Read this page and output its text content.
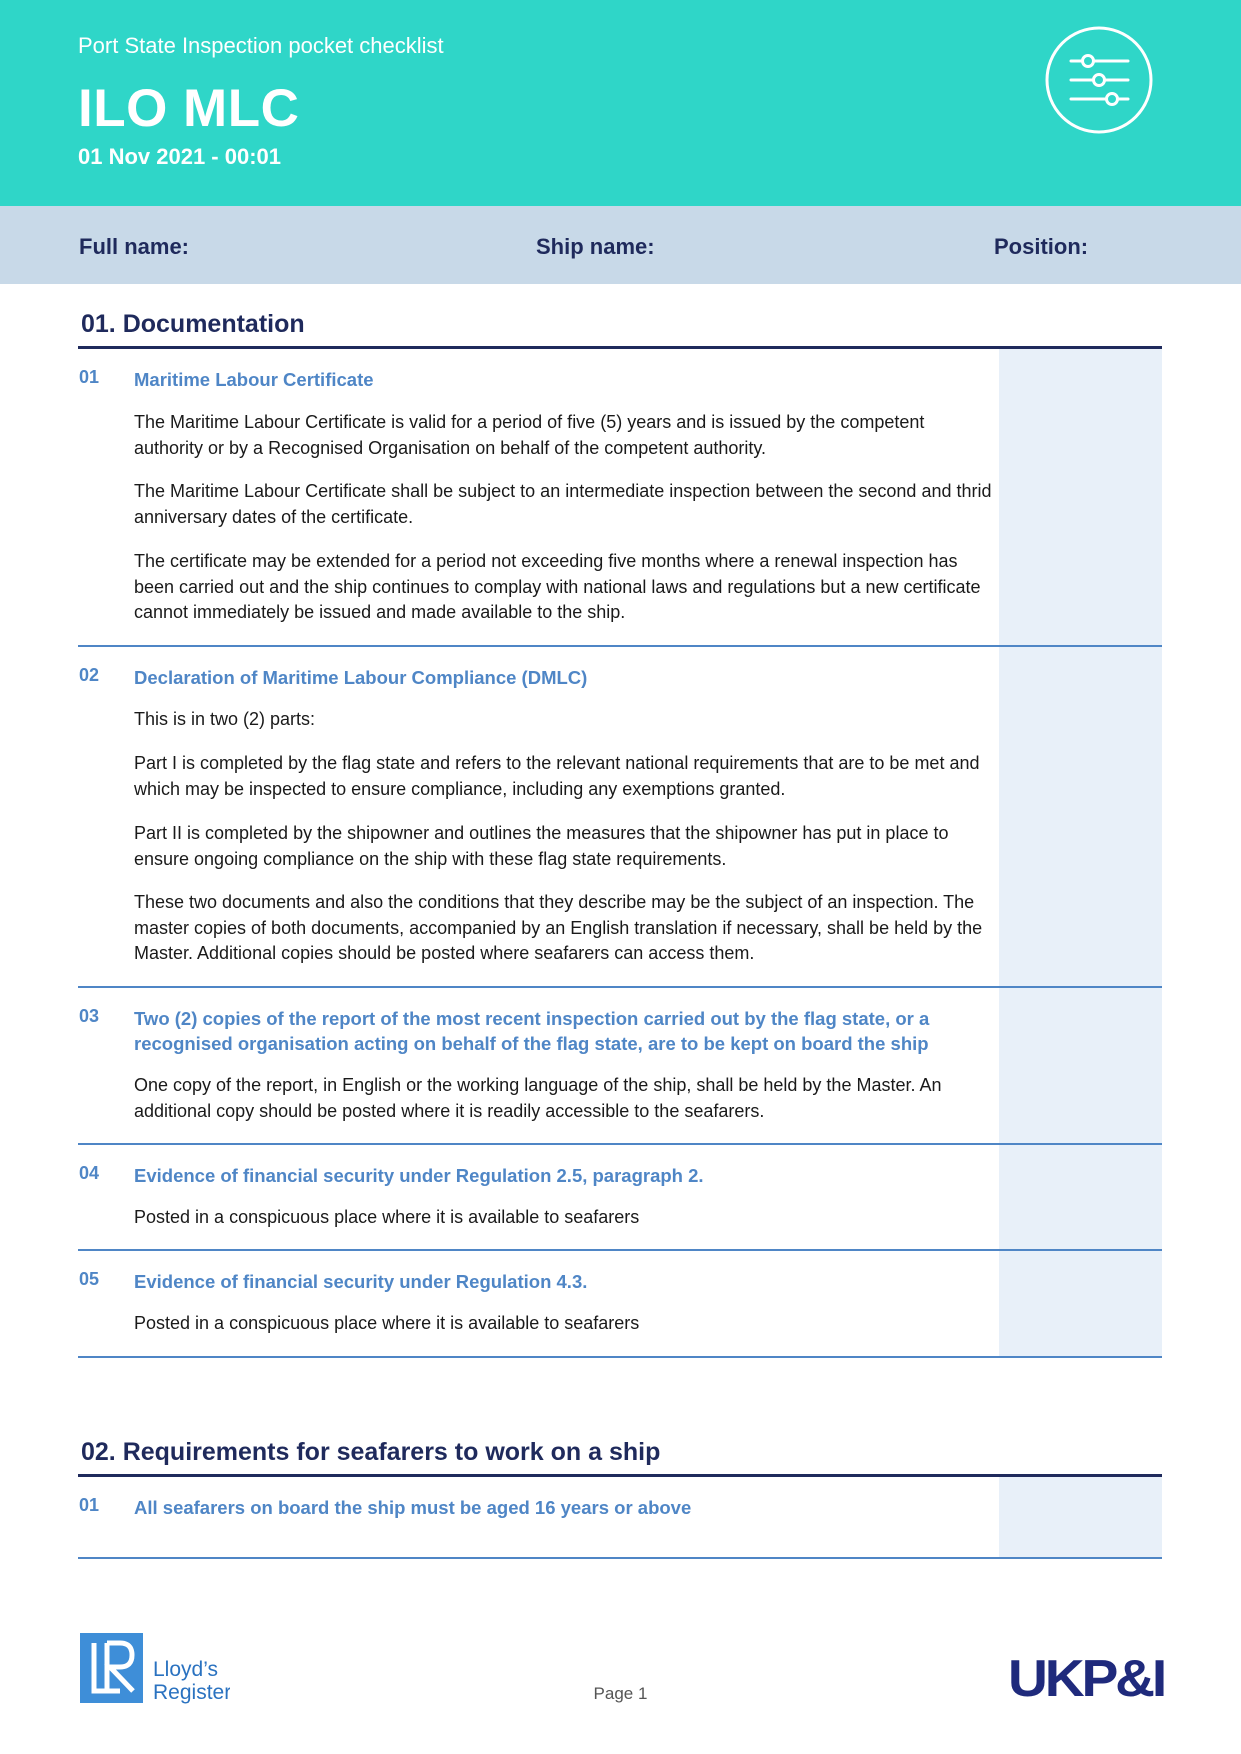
Port State Inspection pocket checklist
ILO MLC
01 Nov 2021 - 00:01
Full name:	Ship name:	Position:
01. Documentation
01 Maritime Labour Certificate
The Maritime Labour Certificate is valid for a period of five (5) years and is issued by the competent authority or by a Recognised Organisation on behalf of the competent authority.
The Maritime Labour Certificate shall be subject to an intermediate inspection between the second and thrid anniversary dates of the certificate.
The certificate may be extended for a period not exceeding five months where a renewal inspection has been carried out and the ship continues to complay with national laws and regulations but a new certificate cannot immediately be issued and made available to the ship.
02 Declaration of Maritime Labour Compliance (DMLC)
This is in two (2) parts:
Part I is completed by the flag state and refers to the relevant national requirements that are to be met and which may be inspected to ensure compliance, including any exemptions granted.
Part II is completed by the shipowner and outlines the measures that the shipowner has put in place to ensure ongoing compliance on the ship with these flag state requirements.
These two documents and also the conditions that they describe may be the subject of an inspection. The master copies of both documents, accompanied by an English translation if necessary, shall be held by the Master. Additional copies should be posted where seafarers can access them.
03 Two (2) copies of the report of the most recent inspection carried out by the flag state, or a recognised organisation acting on behalf of the flag state, are to be kept on board the ship
One copy of the report, in English or the working language of the ship, shall be held by the Master. An additional copy should be posted where it is readily accessible to the seafarers.
04 Evidence of financial security under Regulation 2.5, paragraph 2.
Posted in a conspicuous place where it is available to seafarers
05 Evidence of financial security under Regulation 4.3.
Posted in a conspicuous place where it is available to seafarers
02. Requirements for seafarers to work on a ship
01 All seafarers on board the ship must be aged 16 years or above
Lloyd’s
Register	Page 1	UKP&I
